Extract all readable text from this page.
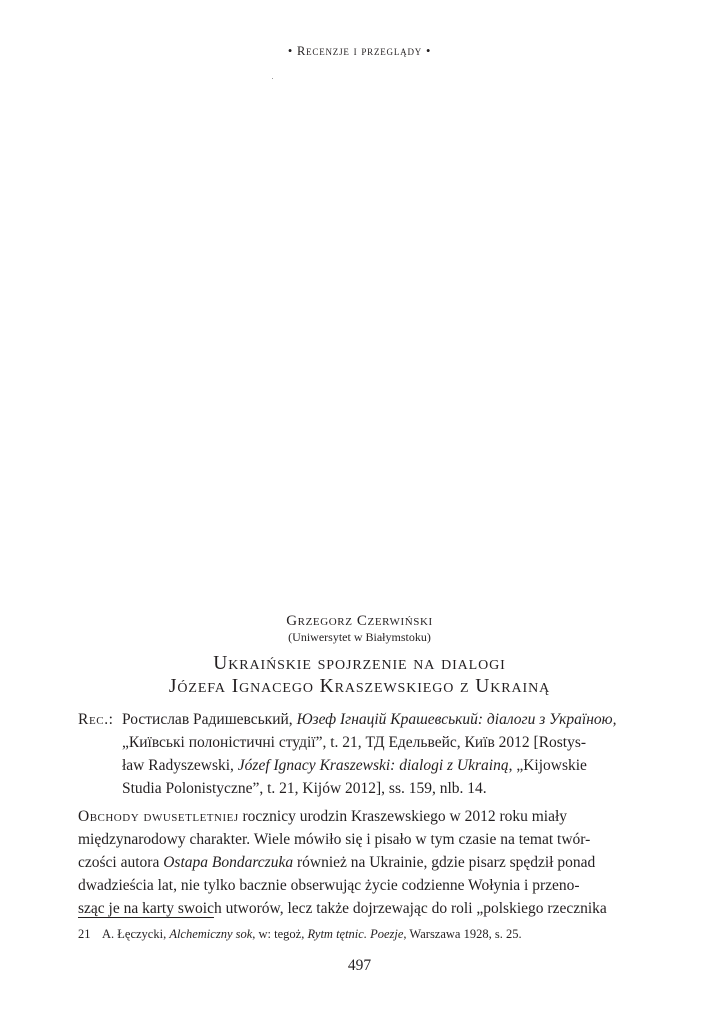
• Recenzje i przeglądy •
Grzegorz Czerwiński
(Uniwersytet w Białymstoku)
Ukraińskie spojrzenie na dialogi
Józefa Ignacego Kraszewskiego z Ukrainą
Rec.: Ростислав Радишевський, Юзеф Ігнацій Крашевський: діалоги з Україною,
„Київські полоністичні студії”, t. 21, ТД Едельвейс, Київ 2012 [Rostys-
ław Radyszewski, Józef Ignacy Kraszewski: dialogi z Ukrainą, „Kijowskie
Studia Polonistyczne”, t. 21, Kijów 2012], ss. 159, nlb. 14.
Obchody dwusetletniej rocznicy urodzin Kraszewskiego w 2012 roku miały
międzynarodowy charakter. Wiele mówiło się i pisało w tym czasie na temat twór-
czości autora Ostapa Bondarczuka również na Ukrainie, gdzie pisarz spędził ponad
dwadzieścia lat, nie tylko bacznie obserwując życie codzienne Wołynia i przeno-
sząc je na karty swoich utworów, lecz także dojrzewając do roli „polskiego rzecznika
21 A. Łęczycki, Alchemiczny sok, w: tegoż, Rytm tętnic. Poezje, Warszawa 1928, s. 25.
497
